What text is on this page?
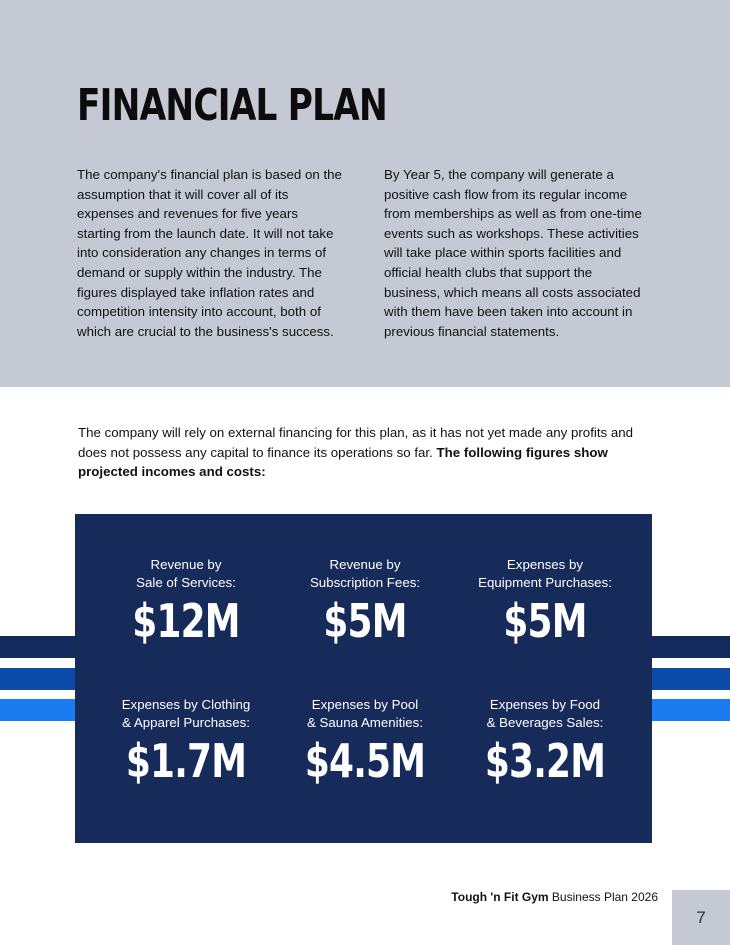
FINANCIAL PLAN

The company's financial plan is based on the assumption that it will cover all of its expenses and revenues for five years starting from the launch date. It will not take into consideration any changes in terms of demand or supply within the industry. The figures displayed take inflation rates and competition intensity into account, both of which are crucial to the business's success.

By Year 5, the company will generate a positive cash flow from its regular income from memberships as well as from one-time events such as workshops. These activities will take place within sports facilities and official health clubs that support the business, which means all costs associated with them have been taken into account in previous financial statements.

The company will rely on external financing for this plan, as it has not yet made any profits and does not possess any capital to finance its operations so far. The following figures show projected incomes and costs:

Revenue by
Sale of Services:
$12M
Revenue by
Subscription Fees:
$5M
Expenses by
Equipment Purchases:
$5M
Expenses by Clothing
& Apparel Purchases:
$1.7M
Expenses by Pool
& Sauna Amenities:
$4.5M
Expenses by Food
& Beverages Sales:
$3.2M
Tough 'n Fit Gym Business Plan 2026
7
